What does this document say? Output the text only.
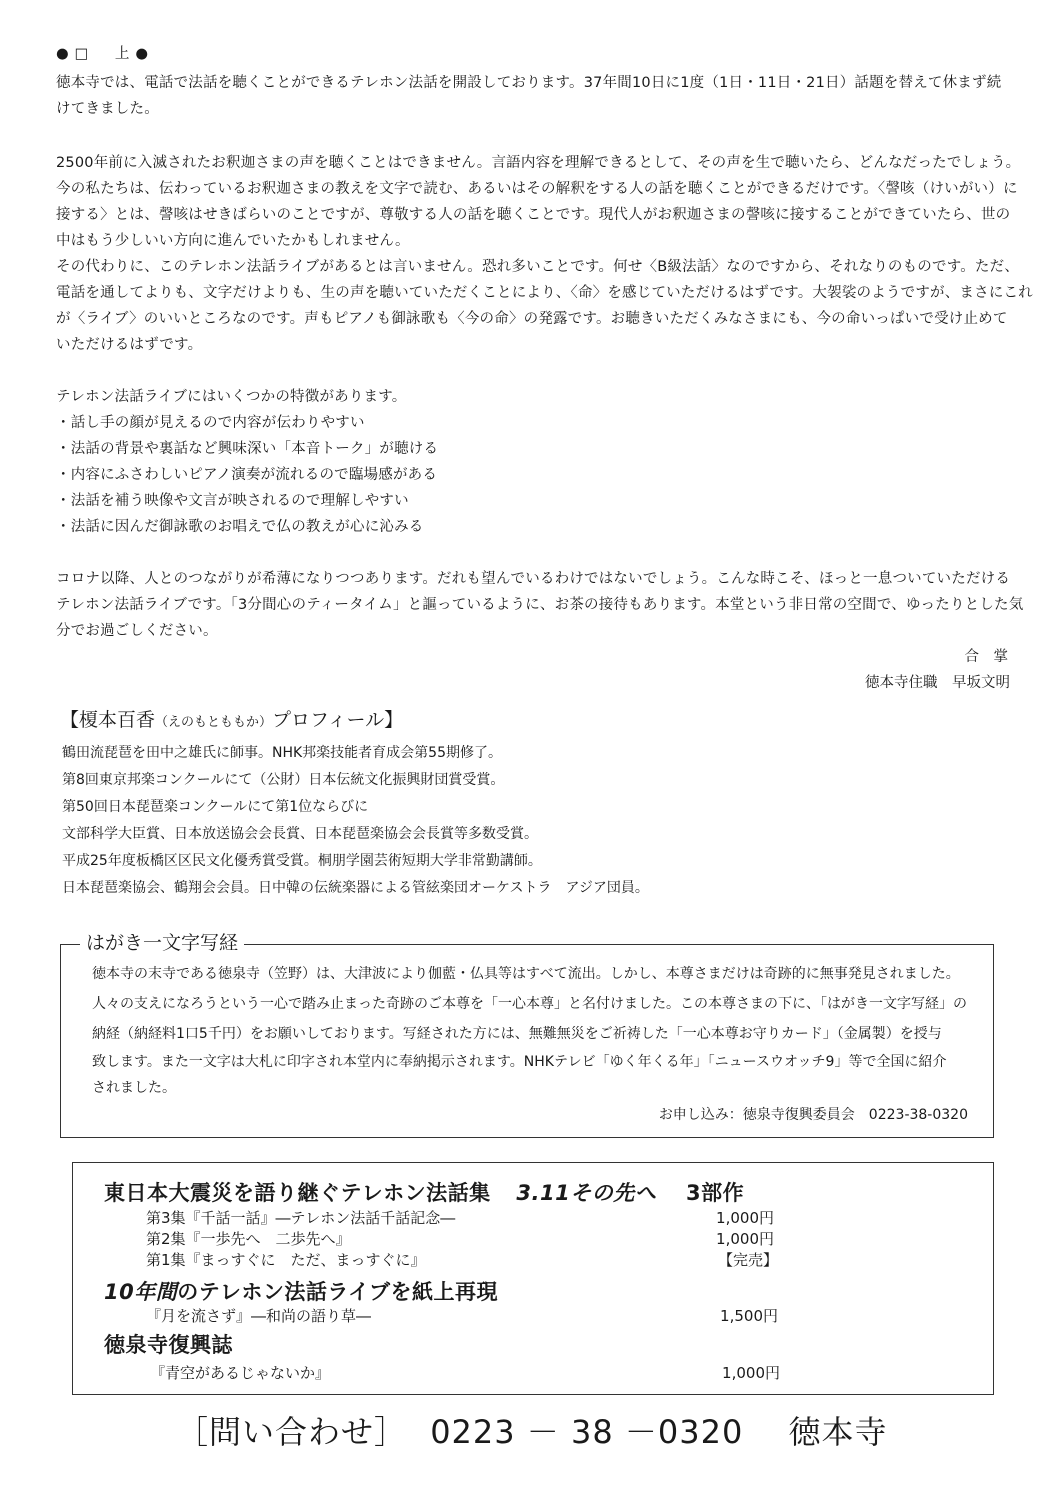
●□　上●
徳本寺では、電話で法話を聴くことができるテレホン法話を開設しております。37年間10日に1度（1日・11日・21日）話題を替えて休まず続
けてきました。
2500年前に入滅されたお釈迦さまの声を聴くことはできません。言語内容を理解できるとして、その声を生で聴いたら、どんなだったでしょう。
今の私たちは、伝わっているお釈迦さまの教えを文字で読む、あるいはその解釈をする人の話を聴くことができるだけです。〈謦咳（けいがい）に
接する〉とは、謦咳はせきばらいのことですが、尊敬する人の話を聴くことです。現代人がお釈迦さまの謦咳に接することができていたら、世の
中はもう少しいい方向に進んでいたかもしれません。
その代わりに、このテレホン法話ライブがあるとは言いません。恐れ多いことです。何せ〈B級法話〉なのですから、それなりのものです。ただ、
電話を通してよりも、文字だけよりも、生の声を聴いていただくことにより、〈命〉を感じていただけるはずです。大袈裟のようですが、まさにこれ
が〈ライブ〉のいいところなのです。声もピアノも御詠歌も〈今の命〉の発露です。お聴きいただくみなさまにも、今の命いっぱいで受け止めて
いただけるはずです。
テレホン法話ライブにはいくつかの特徴があります。
・話し手の顔が見えるので内容が伝わりやすい
・法話の背景や裏話など興味深い「本音トーク」が聴ける
・内容にふさわしいピアノ演奏が流れるので臨場感がある
・法話を補う映像や文言が映されるので理解しやすい
・法話に因んだ御詠歌のお唱えで仏の教えが心に沁みる
コロナ以降、人とのつながりが希薄になりつつあります。だれも望んでいるわけではないでしょう。こんな時こそ、ほっと一息ついていただける
テレホン法話ライブです。「3分間心のティータイム」と謳っているように、お茶の接待もあります。本堂という非日常の空間で、ゆったりとした気
分でお過ごしください。
合　掌
徳本寺住職　早坂文明
【榎本百香（えのもとももか）プロフィール】
鶴田流琵琶を田中之雄氏に師事。NHK邦楽技能者育成会第55期修了。
第8回東京邦楽コンクールにて（公財）日本伝統文化振興財団賞受賞。
第50回日本琵琶楽コンクールにて第1位ならびに
文部科学大臣賞、日本放送協会会長賞、日本琵琶楽協会会長賞等多数受賞。
平成25年度板橋区区民文化優秀賞受賞。桐朋学園芸術短期大学非常勤講師。
日本琵琶楽協会、鶴翔会会員。日中韓の伝統楽器による管絃楽団オーケストラ　アジア団員。
はがき一文字写経
徳本寺の末寺である徳泉寺（笠野）は、大津波により伽藍・仏具等はすべて流出。しかし、本尊さまだけは奇跡的に無事発見されました。
人々の支えになろうという一心で踏み止まった奇跡のご本尊を「一心本尊」と名付けました。この本尊さまの下に、「はがき一文字写経」の
納経（納経料1口5千円）をお願いしております。写経された方には、無難無災をご祈祷した「一心本尊お守りカード」（金属製）を授与
致します。また一文字は大札に印字され本堂内に奉納掲示されます。NHKテレビ「ゆく年くる年」「ニュースウオッチ9」等で全国に紹介
されました。
お申し込み：徳泉寺復興委員会　0223-38-0320
東日本大震災を語り継ぐテレホン法話集 3.11その先へ 3部作
第3集『千話一話』―テレホン法話千話記念―	1,000円
第2集『一歩先へ　二歩先へ』	1,000円
第1集『まっすぐに　ただ、まっすぐに』	【完売】
10年間のテレホン法話ライブを紙上再現
『月を流さず』―和尚の語り草―	1,500円
徳泉寺復興誌
『青空があるじゃないか』	1,000円
［問い合わせ］ 0223 － 38 －0320 徳本寺
